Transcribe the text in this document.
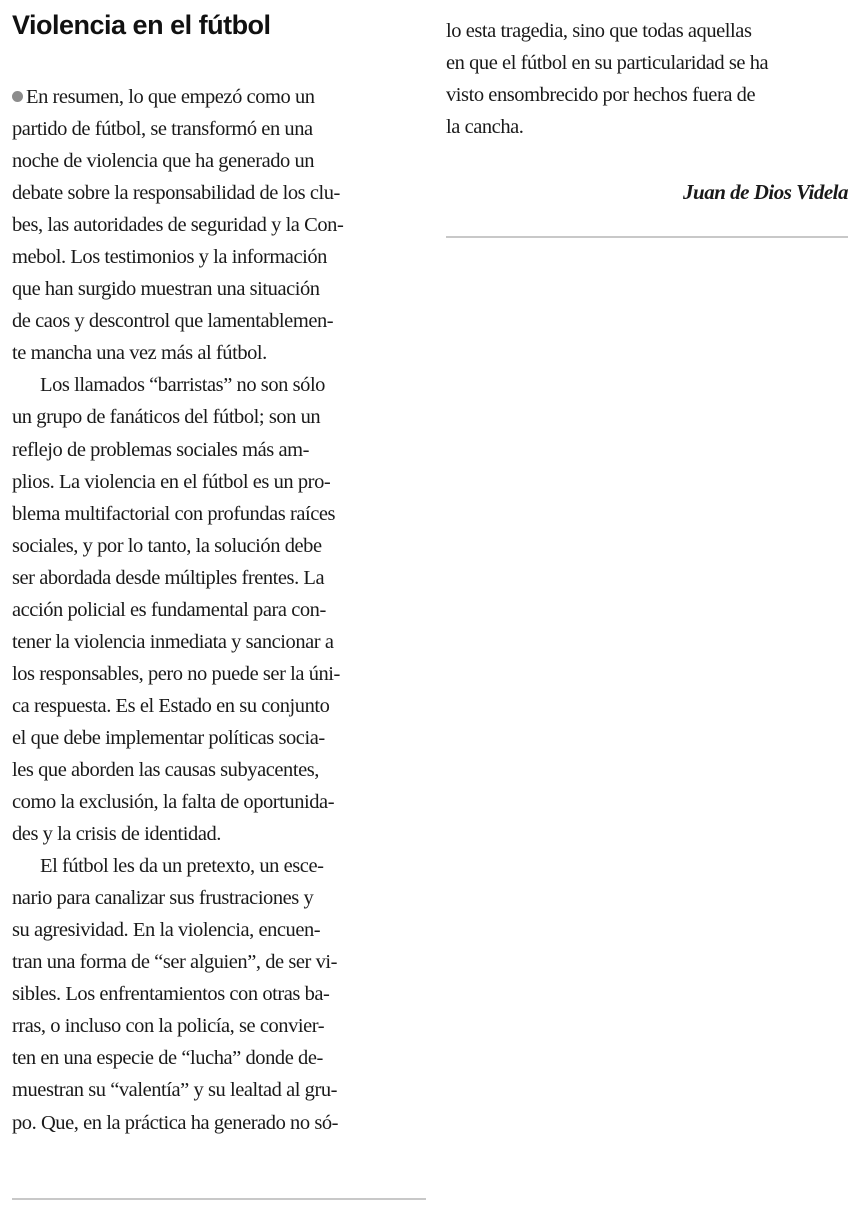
Violencia en el fútbol
En resumen, lo que empezó como un
partido de fútbol, se transformó en una
noche de violencia que ha generado un
debate sobre la responsabilidad de los clu-
bes, las autoridades de seguridad y la Con-
mebol. Los testimonios y la información
que han surgido muestran una situación
de caos y descontrol que lamentablemen-
te mancha una vez más al fútbol.
Los llamados “barristas” no son sólo
un grupo de fanáticos del fútbol; son un
reflejo de problemas sociales más am-
plios. La violencia en el fútbol es un pro-
blema multifactorial con profundas raíces
sociales, y por lo tanto, la solución debe
ser abordada desde múltiples frentes. La
acción policial es fundamental para con-
tener la violencia inmediata y sancionar a
los responsables, pero no puede ser la úni-
ca respuesta. Es el Estado en su conjunto
el que debe implementar políticas socia-
les que aborden las causas subyacentes,
como la exclusión, la falta de oportunida-
des y la crisis de identidad.
El fútbol les da un pretexto, un esce-
nario para canalizar sus frustraciones y
su agresividad. En la violencia, encuen-
tran una forma de “ser alguien”, de ser vi-
sibles. Los enfrentamientos con otras ba-
rras, o incluso con la policía, se convier-
ten en una especie de “lucha” donde de-
muestran su “valentía” y su lealtad al gru-
po. Que, en la práctica ha generado no só-
lo esta tragedia, sino que todas aquellas
en que el fútbol en su particularidad se ha
visto ensombrecido por hechos fuera de
la cancha.
Juan de Dios Videla
